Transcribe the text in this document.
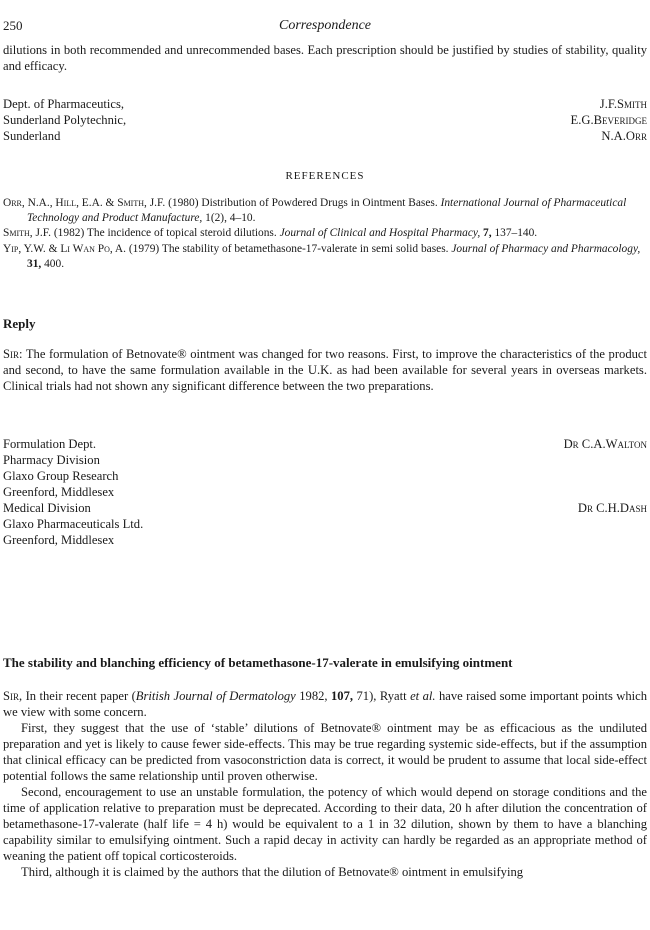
250	Correspondence

dilutions in both recommended and unrecommended bases. Each prescription should be justified by studies of stability, quality and efficacy.

Dept. of Pharmaceutics,	J.F.Smith
Sunderland Polytechnic,	E.G.Beveridge
Sunderland	N.A.Orr
REFERENCES

Orr, N.A., Hill, E.A. & Smith, J.F. (1980) Distribution of Powdered Drugs in Ointment Bases. International Journal of Pharmaceutical Technology and Product Manufacture, 1(2), 4–10.

Smith, J.F. (1982) The incidence of topical steroid dilutions. Journal of Clinical and Hospital Pharmacy, 7, 137–140.

Yip, Y.W. & Li Wan Po, A. (1979) The stability of betamethasone-17-valerate in semi solid bases. Journal of Pharmacy and Pharmacology, 31, 400.

Reply

Sir: The formulation of Betnovate® ointment was changed for two reasons. First, to improve the characteristics of the product and second, to have the same formulation available in the U.K. as had been available for several years in overseas markets. Clinical trials had not shown any significant difference between the two preparations.

Formulation Dept.	Dr C.A.Walton
Pharmacy Division
Glaxo Group Research
Greenford, Middlesex
Medical Division	Dr C.H.Dash
Glaxo Pharmaceuticals Ltd.
Greenford, Middlesex
The stability and blanching efficiency of betamethasone-17-valerate in emulsifying ointment

Sir, In their recent paper (British Journal of Dermatology 1982, 107, 71), Ryatt et al. have raised some important points which we view with some concern.

First, they suggest that the use of ‘stable’ dilutions of Betnovate® ointment may be as efficacious as the undiluted preparation and yet is likely to cause fewer side-effects. This may be true regarding systemic side-effects, but if the assumption that clinical efficacy can be predicted from vasoconstriction data is correct, it would be prudent to assume that local side-effect potential follows the same relationship until proven otherwise.

Second, encouragement to use an unstable formulation, the potency of which would depend on storage conditions and the time of application relative to preparation must be deprecated. According to their data, 20 h after dilution the concentration of betamethasone-17-valerate (half life = 4 h) would be equivalent to a 1 in 32 dilution, shown by them to have a blanching capability similar to emulsifying ointment. Such a rapid decay in activity can hardly be regarded as an appropriate method of weaning the patient off topical corticosteroids.

Third, although it is claimed by the authors that the dilution of Betnovate® ointment in emulsifying
